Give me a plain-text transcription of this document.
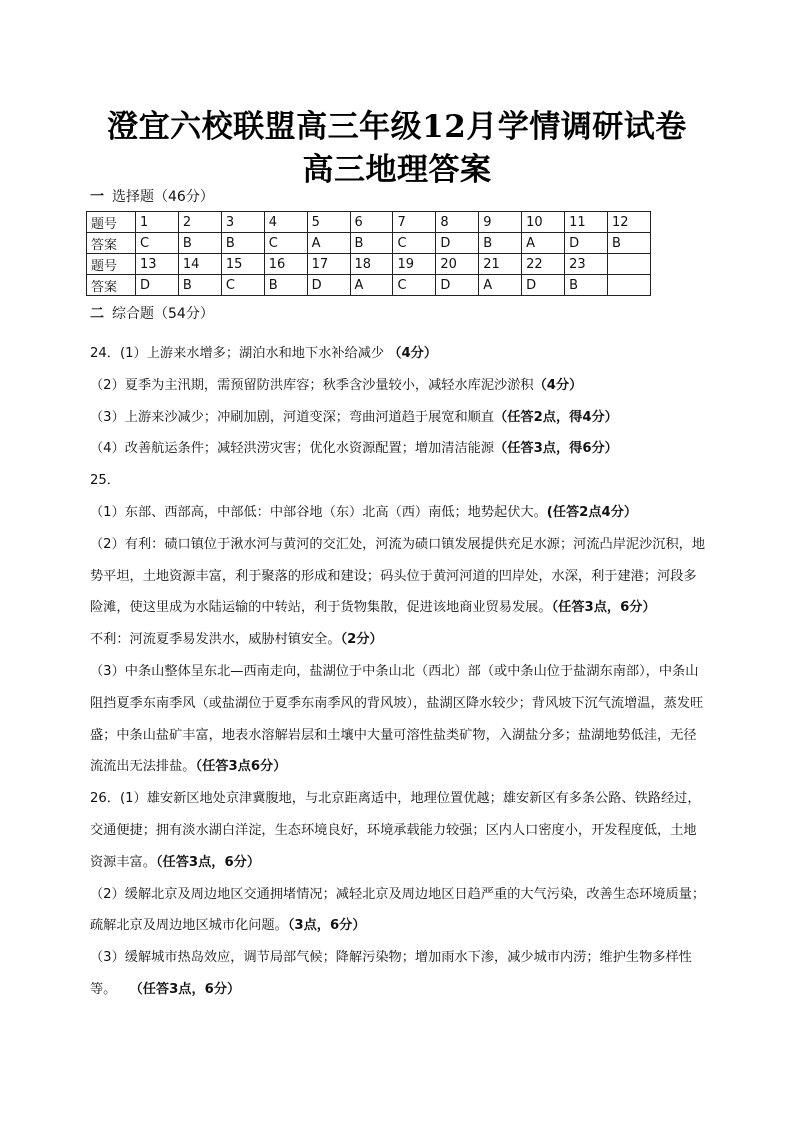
澄宜六校联盟高三年级12月学情调研试卷
高三地理答案
一 选择题（46分）
题号	1	2	3	4	5	6	7	8	9	10	11	12
答案	C	B	B	C	A	B	C	D	B	A	D	B
题号	13	14	15	16	17	18	19	20	21	22	23	
答案	D	B	C	B	D	A	C	D	A	D	B	
二 综合题（54分）

24．(1）上游来水增多；湖泊水和地下水补给减少 （4分）

（2）夏季为主汛期，需预留防洪库容；秋季含沙量较小，减轻水库泥沙淤积（4分）

（3）上游来沙减少；冲刷加剧，河道变深；弯曲河道趋于展宽和顺直（任答2点，得4分）

（4）改善航运条件；减轻洪涝灾害；优化水资源配置；增加清洁能源（任答3点，得6分）

25．

（1）东部、西部高，中部低：中部谷地（东）北高（西）南低；地势起伏大。(任答2点4分）

（2）有利：碛口镇位于湫水河与黄河的交汇处，河流为碛口镇发展提供充足水源；河流凸岸泥沙沉积，地势平坦，土地资源丰富，利于聚落的形成和建设；码头位于黄河河道的凹岸处，水深，利于建港；河段多险滩，使这里成为水陆运输的中转站，利于货物集散，促进该地商业贸易发展。（任答3点，6分）

不利：河流夏季易发洪水，威胁村镇安全。（2分）

（3）中条山整体呈东北—西南走向，盐湖位于中条山北（西北）部（或中条山位于盐湖东南部），中条山阻挡夏季东南季风（或盐湖位于夏季东南季风的背风坡），盐湖区降水较少；背风坡下沉气流增温，蒸发旺盛；中条山盐矿丰富，地表水溶解岩层和土壤中大量可溶性盐类矿物，入湖盐分多；盐湖地势低洼，无径流流出无法排盐。（任答3点6分）

26．(1）雄安新区地处京津冀腹地，与北京距离适中，地理位置优越；雄安新区有多条公路、铁路经过，交通便捷；拥有淡水湖白洋淀，生态环境良好，环境承载能力较强；区内人口密度小，开发程度低，土地资源丰富。（任答3点，6分）

（2）缓解北京及周边地区交通拥堵情况；减轻北京及周边地区日趋严重的大气污染，改善生态环境质量；疏解北京及周边地区城市化问题。（3点，6分）

（3）缓解城市热岛效应，调节局部气候；降解污染物；增加雨水下渗，减少城市内涝；维护生物多样性等。　　（任答3点，6分）
